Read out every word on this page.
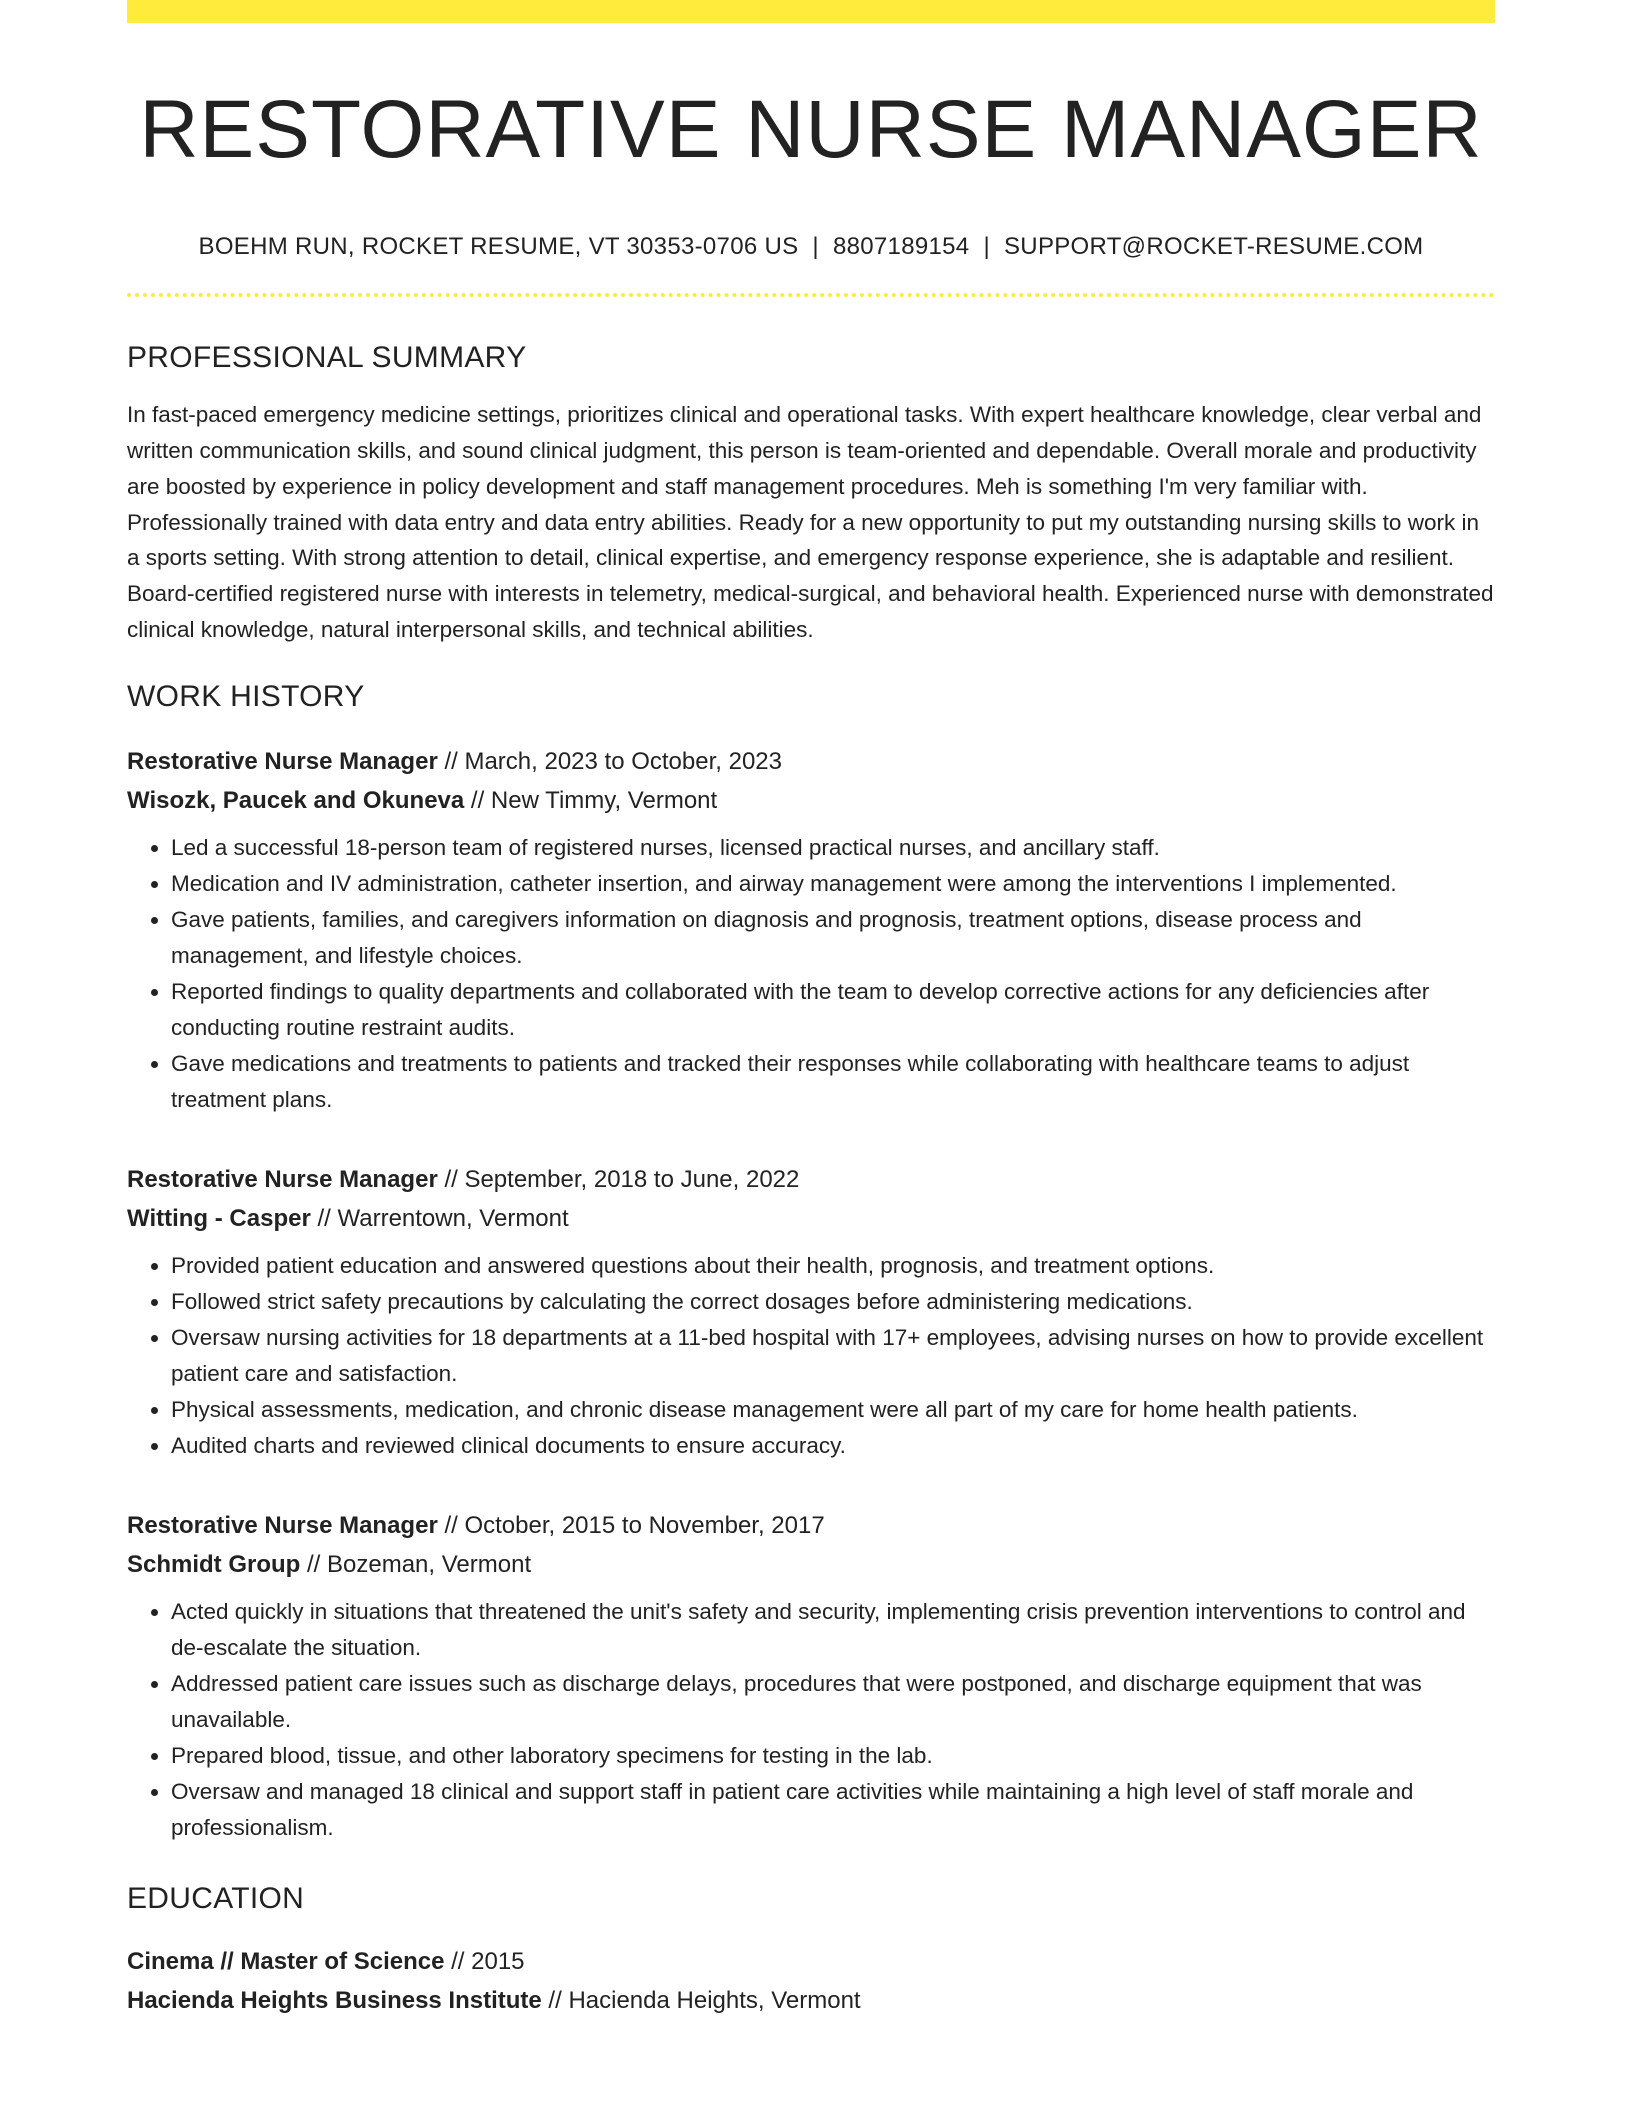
RESTORATIVE NURSE MANAGER
BOEHM RUN, ROCKET RESUME, VT 30353-0706 US | 8807189154 | SUPPORT@ROCKET-RESUME.COM
PROFESSIONAL SUMMARY
In fast-paced emergency medicine settings, prioritizes clinical and operational tasks. With expert healthcare knowledge, clear verbal and written communication skills, and sound clinical judgment, this person is team-oriented and dependable. Overall morale and productivity are boosted by experience in policy development and staff management procedures. Meh is something I'm very familiar with. Professionally trained with data entry and data entry abilities. Ready for a new opportunity to put my outstanding nursing skills to work in a sports setting. With strong attention to detail, clinical expertise, and emergency response experience, she is adaptable and resilient. Board-certified registered nurse with interests in telemetry, medical-surgical, and behavioral health. Experienced nurse with demonstrated clinical knowledge, natural interpersonal skills, and technical abilities.
WORK HISTORY
Restorative Nurse Manager // March, 2023 to October, 2023
Wisozk, Paucek and Okuneva // New Timmy, Vermont
• Led a successful 18-person team of registered nurses, licensed practical nurses, and ancillary staff.
• Medication and IV administration, catheter insertion, and airway management were among the interventions I implemented.
• Gave patients, families, and caregivers information on diagnosis and prognosis, treatment options, disease process and management, and lifestyle choices.
• Reported findings to quality departments and collaborated with the team to develop corrective actions for any deficiencies after conducting routine restraint audits.
• Gave medications and treatments to patients and tracked their responses while collaborating with healthcare teams to adjust treatment plans.
Restorative Nurse Manager // September, 2018 to June, 2022
Witting - Casper // Warrentown, Vermont
• Provided patient education and answered questions about their health, prognosis, and treatment options.
• Followed strict safety precautions by calculating the correct dosages before administering medications.
• Oversaw nursing activities for 18 departments at a 11-bed hospital with 17+ employees, advising nurses on how to provide excellent patient care and satisfaction.
• Physical assessments, medication, and chronic disease management were all part of my care for home health patients.
• Audited charts and reviewed clinical documents to ensure accuracy.
Restorative Nurse Manager // October, 2015 to November, 2017
Schmidt Group // Bozeman, Vermont
• Acted quickly in situations that threatened the unit's safety and security, implementing crisis prevention interventions to control and de-escalate the situation.
• Addressed patient care issues such as discharge delays, procedures that were postponed, and discharge equipment that was unavailable.
• Prepared blood, tissue, and other laboratory specimens for testing in the lab.
• Oversaw and managed 18 clinical and support staff in patient care activities while maintaining a high level of staff morale and professionalism.
EDUCATION
Cinema // Master of Science // 2015
Hacienda Heights Business Institute // Hacienda Heights, Vermont
